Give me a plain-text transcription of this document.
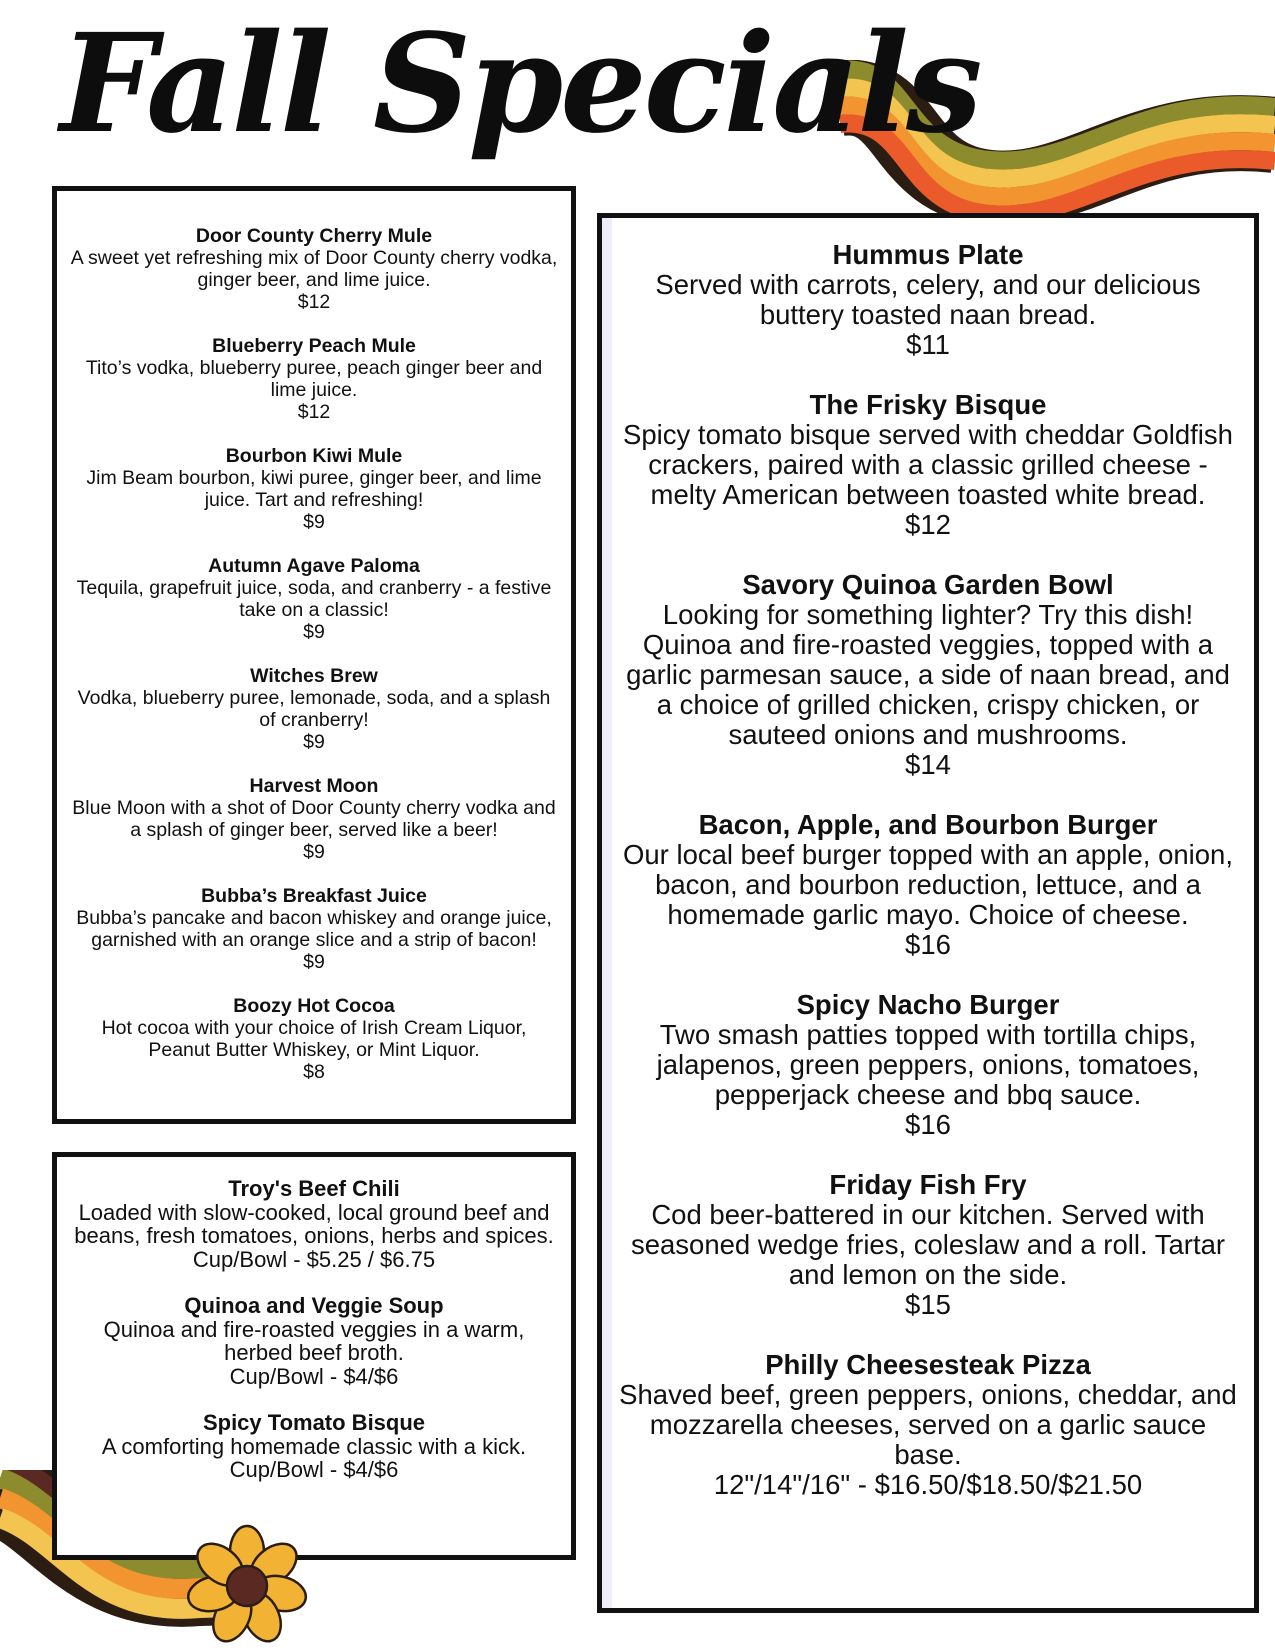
Fall Specials
Door County Cherry Mule
A sweet yet refreshing mix of Door County cherry vodka, ginger beer, and lime juice.
$12
Blueberry Peach Mule
Tito’s vodka, blueberry puree, peach ginger beer and lime juice.
$12
Bourbon Kiwi Mule
Jim Beam bourbon, kiwi puree, ginger beer, and lime juice. Tart and refreshing!
$9
Autumn Agave Paloma
Tequila, grapefruit juice, soda, and cranberry - a festive take on a classic!
$9
Witches Brew
Vodka, blueberry puree, lemonade, soda, and a splash of cranberry!
$9
Harvest Moon
Blue Moon with a shot of Door County cherry vodka and a splash of ginger beer, served like a beer!
$9
Bubba’s Breakfast Juice
Bubba’s pancake and bacon whiskey and orange juice, garnished with an orange slice and a strip of bacon!
$9
Boozy Hot Cocoa
Hot cocoa with your choice of Irish Cream Liquor, Peanut Butter Whiskey, or Mint Liquor.
$8
Troy's Beef Chili
Loaded with slow-cooked, local ground beef and beans, fresh tomatoes, onions, herbs and spices.
Cup/Bowl - $5.25 / $6.75
Quinoa and Veggie Soup
Quinoa and fire-roasted veggies in a warm, herbed beef broth.
Cup/Bowl - $4/$6
Spicy Tomato Bisque
A comforting homemade classic with a kick.
Cup/Bowl - $4/$6
Hummus Plate
Served with carrots, celery, and our delicious buttery toasted naan bread.
$11
The Frisky Bisque
Spicy tomato bisque served with cheddar Goldfish crackers, paired with a classic grilled cheese - melty American between toasted white bread.
$12
Savory Quinoa Garden Bowl
Looking for something lighter? Try this dish! Quinoa and fire-roasted veggies, topped with a garlic parmesan sauce, a side of naan bread, and a choice of grilled chicken, crispy chicken, or sauteed onions and mushrooms.
$14
Bacon, Apple, and Bourbon Burger
Our local beef burger topped with an apple, onion, bacon, and bourbon reduction, lettuce, and a homemade garlic mayo. Choice of cheese.
$16
Spicy Nacho Burger
Two smash patties topped with tortilla chips, jalapenos, green peppers, onions, tomatoes, pepperjack cheese and bbq sauce.
$16
Friday Fish Fry
Cod beer-battered in our kitchen. Served with seasoned wedge fries, coleslaw and a roll. Tartar and lemon on the side.
$15
Philly Cheesesteak Pizza
Shaved beef, green peppers, onions, cheddar, and mozzarella cheeses, served on a garlic sauce base.
12"/14"/16" - $16.50/$18.50/$21.50
